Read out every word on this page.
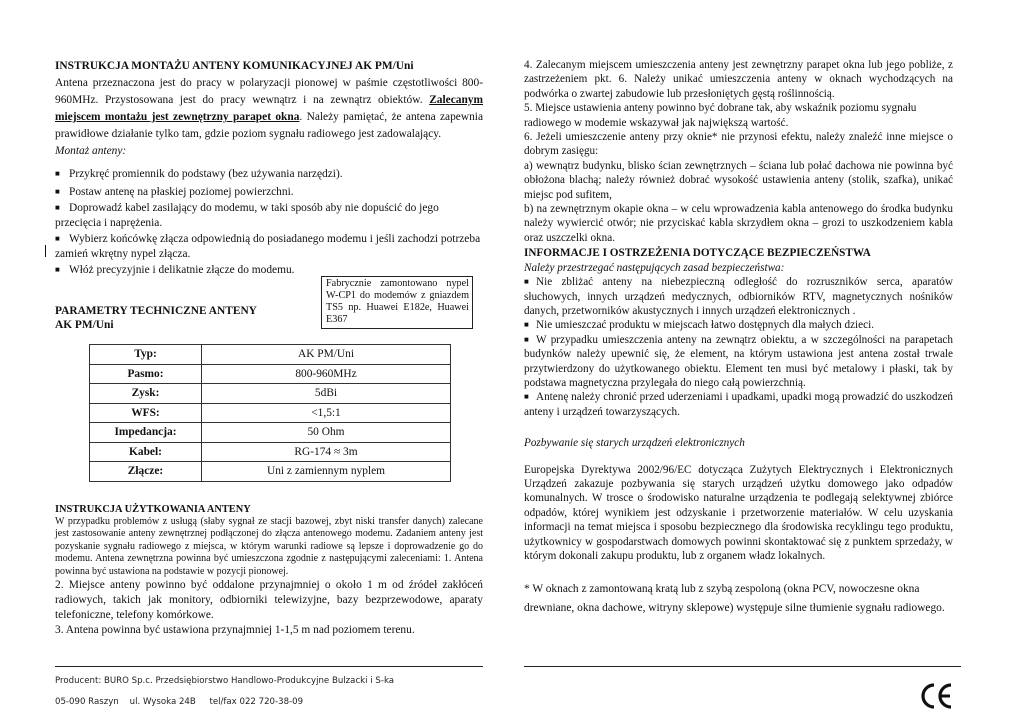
INSTRUKCJA MONTAŻU ANTENY KOMUNIKACYJNEJ AK PM/Uni

Antena przeznaczona jest do pracy w polaryzacji pionowej w paśmie częstotliwości 800-960MHz. Przystosowana jest do pracy wewnątrz i na zewnątrz obiektów. Zalecanym miejscem montażu jest zewnętrzny parapet okna. Należy pamiętać, że antena zapewnia prawidłowe działanie tylko tam, gdzie poziom sygnału radiowego jest zadowalający.

Montaż anteny:

■ Przykręć promiennik do podstawy (bez używania narzędzi).
■ Postaw antenę na płaskiej poziomej powierzchni.
■ Doprowadź kabel zasilający do modemu, w taki sposób aby nie dopuścić do jego przecięcia i naprężenia.
■ Wybierz końcówkę złącza odpowiednią do posiadanego modemu i jeśli zachodzi potrzeba zamień wkrętny nypel złącza.
■ Włóż precyzyjnie i delikatnie złącze do modemu.
Fabrycznie zamontowano nypel W-CP1 do modemów z gniazdem TS5 np. Huawei E182e, Huawei E367
PARAMETRY TECHNICZNE ANTENY
AK PM/Uni
Typ:	AK PM/Uni
Pasmo:	800-960MHz
Zysk:	5dBi
WFS:	<1,5:1
Impedancja:	50 Ohm
Kabel:	RG-174 ≈ 3m
Złącze:	Uni z zamiennym nyplem
INSTRUKCJA UŻYTKOWANIA ANTENY
W przypadku problemów z usługą (słaby sygnał ze stacji bazowej, zbyt niski transfer danych) zalecane jest zastosowanie anteny zewnętrznej podłączonej do złącza antenowego modemu. Zadaniem anteny jest pozyskanie sygnału radiowego z miejsca, w którym warunki radiowe są lepsze i doprowadzenie go do modemu. Antena zewnętrzna powinna być umieszczona zgodnie z następującymi zaleceniami: 1. Antena powinna być ustawiona na podstawie w pozycji pionowej.
2. Miejsce anteny powinno być oddalone przynajmniej o około 1 m od źródeł zakłóceń radiowych, takich jak monitory, odbiorniki telewizyjne, bazy bezprzewodowe, aparaty telefoniczne, telefony komórkowe.
3. Antena powinna być ustawiona przynajmniej 1-1,5 m nad poziomem terenu.

4. Zalecanym miejscem umieszczenia anteny jest zewnętrzny parapet okna lub jego pobliże, z zastrzeżeniem pkt. 6. Należy unikać umieszczenia anteny w oknach wychodzących na podwórka o zwartej zabudowie lub przesłoniętych gęstą roślinnością.

5. Miejsce ustawienia anteny powinno być dobrane tak, aby wskaźnik poziomu sygnału radiowego w modemie wskazywał jak największą wartość.

6. Jeżeli umieszczenie anteny przy oknie* nie przynosi efektu, należy znaleźć inne miejsce o dobrym zasięgu:

a) wewnątrz budynku, blisko ścian zewnętrznych – ściana lub połać dachowa nie powinna być obłożona blachą; należy również dobrać wysokość ustawienia anteny (stolik, szafka), unikać miejsc pod sufitem,

b) na zewnętrznym okapie okna – w celu wprowadzenia kabla antenowego do środka budynku należy wywiercić otwór; nie przyciskać kabla skrzydłem okna – grozi to uszkodzeniem kabla oraz uszczelki okna.

INFORMACJE I OSTRZEŻENIA DOTYCZĄCE BEZPIECZEŃSTWA

Należy przestrzegać następujących zasad bezpieczeństwa:

■ Nie zbliżać anteny na niebezpieczną odległość do rozruszników serca, aparatów słuchowych, innych urządzeń medycznych, odbiorników RTV, magnetycznych nośników danych, przetworników akustycznych i innych urządzeń elektronicznych .

■ Nie umieszczać produktu w miejscach łatwo dostępnych dla małych dzieci.

■ W przypadku umieszczenia anteny na zewnątrz obiektu, a w szczególności na parapetach budynków należy upewnić się, że element, na którym ustawiona jest antena został trwale przytwierdzony do użytkowanego obiektu. Element ten musi być metalowy i płaski, tak by podstawa magnetyczna przylegała do niego całą powierzchnią.

■ Antenę należy chronić przed uderzeniami i upadkami, upadki mogą prowadzić do uszkodzeń anteny i urządzeń towarzyszących.

Pozbywanie się starych urządzeń elektronicznych

Europejska Dyrektywa 2002/96/EC dotycząca Zużytych Elektrycznych i Elektronicznych Urządzeń zakazuje pozbywania się starych urządzeń użytku domowego jako odpadów komunalnych. W trosce o środowisko naturalne urządzenia te podlegają selektywnej zbiórce odpadów, której wynikiem jest odzyskanie i przetworzenie materiałów. W celu uzyskania informacji na temat miejsca i sposobu bezpiecznego dla środowiska recyklingu tego produktu, użytkownicy w gospodarstwach domowych powinni skontaktować się z punktem sprzedaży, w którym dokonali zakupu produktu, lub z organem władz lokalnych.

* W oknach z zamontowaną kratą lub z szybą zespoloną (okna PCV, nowoczesne okna drewniane, okna dachowe, witryny sklepowe) występuje silne tłumienie sygnału radiowego.

Producent: BURO Sp.c. Przedsiębiorstwo Handlowo-Produkcyjne Bulzacki i S-ka
05-090 Raszyn    ul. Wysoka 24B     tel/fax 022 720-38-09
